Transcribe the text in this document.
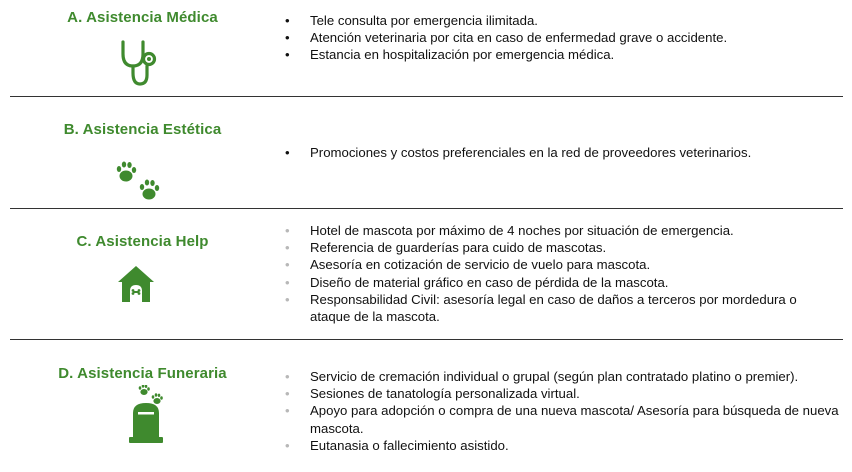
A. Asistencia Médica	• Tele consulta por emergencia ilimitada.
• Atención veterinaria por cita en caso de enfermedad grave o accidente.
• Estancia en hospitalización por emergencia médica.
B. Asistencia Estética
• Promociones y costos preferenciales en la red de proveedores veterinarios.
C. Asistencia Help
• Hotel de mascota por máximo de 4 noches por situación de emergencia.
• Referencia de guarderías para cuido de mascotas.
• Asesoría en cotización de servicio de vuelo para mascota.
• Diseño de material gráfico en caso de pérdida de la mascota.
• Responsabilidad Civil: asesoría legal en caso de daños a terceros por mordedura o ataque de la mascota.
D. Asistencia Funeraria	• Servicio de cremación individual o grupal (según plan contratado platino o premier).
• Sesiones de tanatología personalizada virtual.
• Apoyo para adopción o compra de una nueva mascota/ Asesoría para búsqueda de nueva mascota.
• Eutanasia o fallecimiento asistido.
